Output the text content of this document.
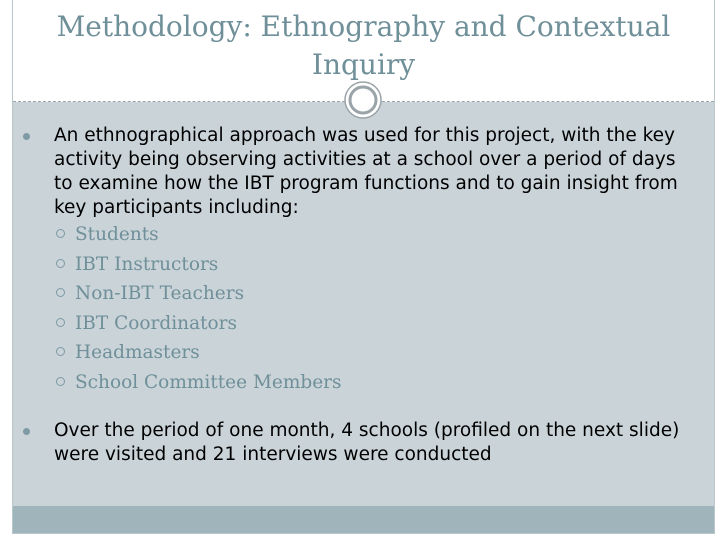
Methodology: Ethnography and Contextual Inquiry
An ethnographical approach was used for this project, with the key activity being observing activities at a school over a period of days to examine how the IBT program functions and to gain insight from key participants including:
Students
IBT Instructors
Non-IBT Teachers
IBT Coordinators
Headmasters
School Committee Members
Over the period of one month, 4 schools (profiled on the next slide) were visited and 21 interviews were conducted
